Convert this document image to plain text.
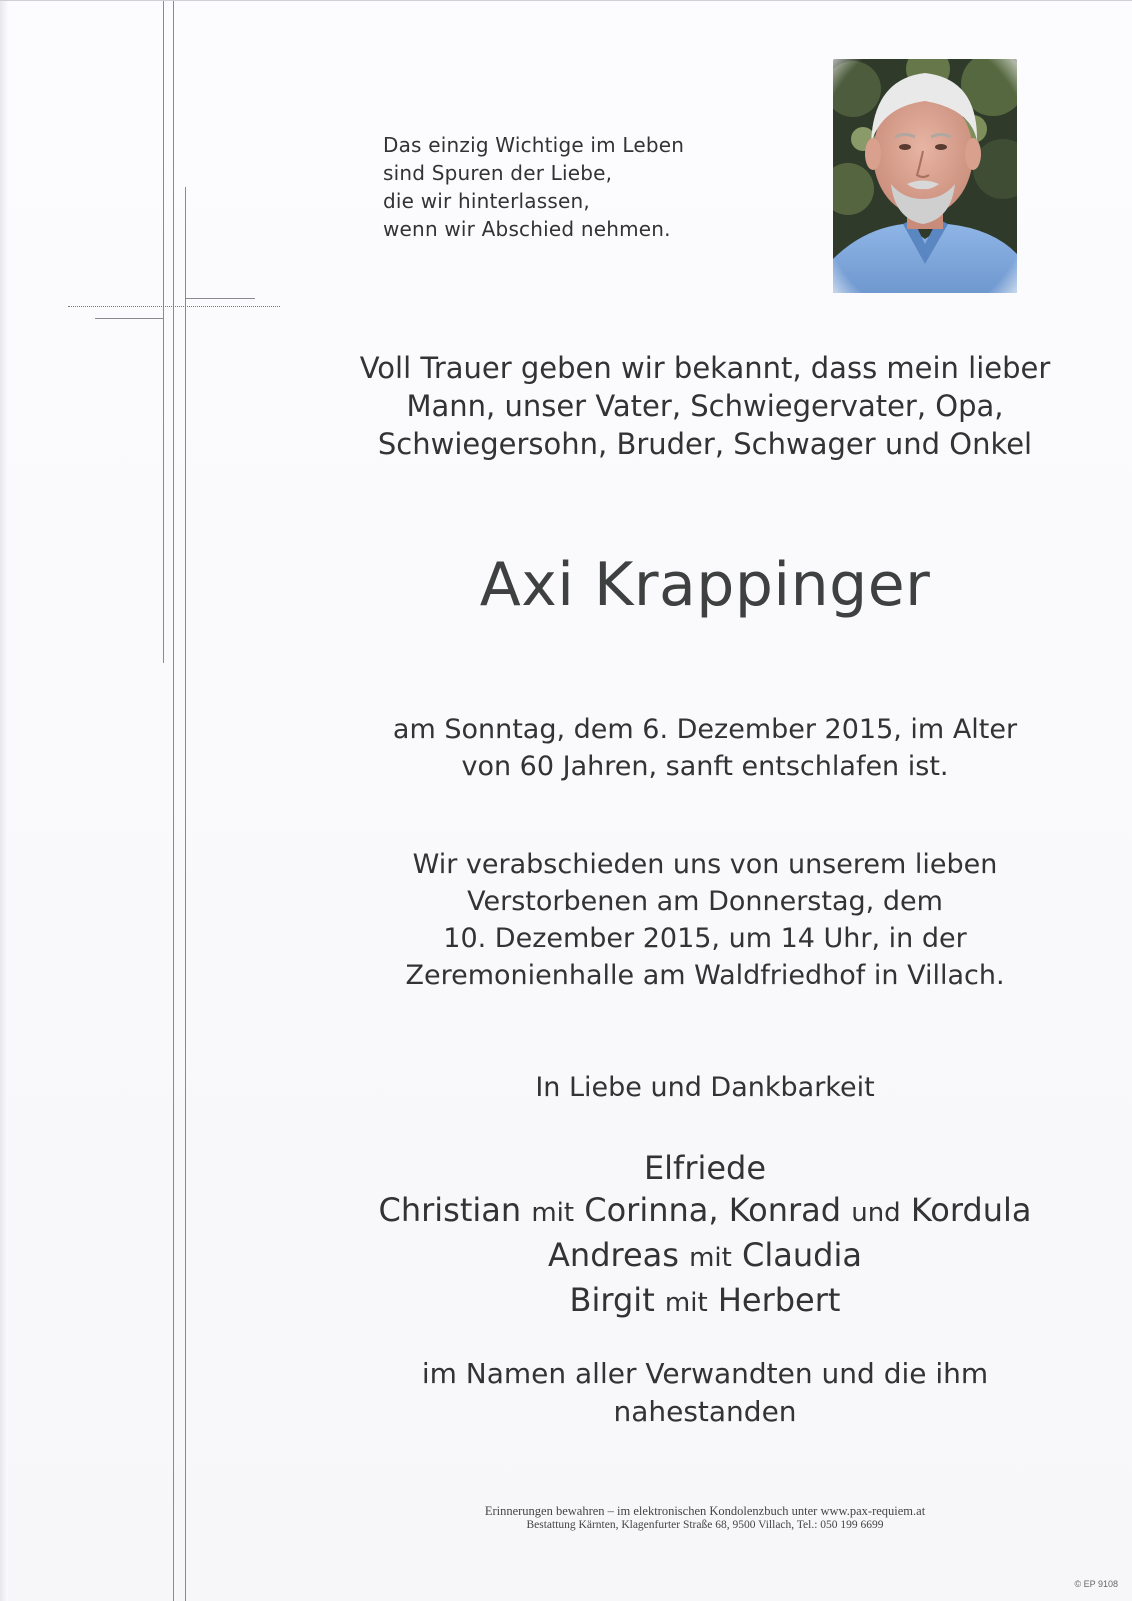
Das einzig Wichtige im Leben
sind Spuren der Liebe,
die wir hinterlassen,
wenn wir Abschied nehmen.
Voll Trauer geben wir bekannt, dass mein lieber
Mann, unser Vater, Schwiegervater, Opa,
Schwiegersohn, Bruder, Schwager und Onkel
Axi Krappinger
am Sonntag, dem 6. Dezember 2015, im Alter
von 60 Jahren, sanft entschlafen ist.
Wir verabschieden uns von unserem lieben
Verstorbenen am Donnerstag, dem
10. Dezember 2015, um 14 Uhr, in der
Zeremonienhalle am Waldfriedhof in Villach.
In Liebe und Dankbarkeit
Elfriede
Christian mit Corinna, Konrad und Kordula
Andreas mit Claudia
Birgit mit Herbert
im Namen aller Verwandten und die ihm
nahestanden
Erinnerungen bewahren – im elektronischen Kondolenzbuch unter www.pax-requiem.at
Bestattung Kärnten, Klagenfurter Straße 68, 9500 Villach, Tel.: 050 199 6699
© EP 9108
